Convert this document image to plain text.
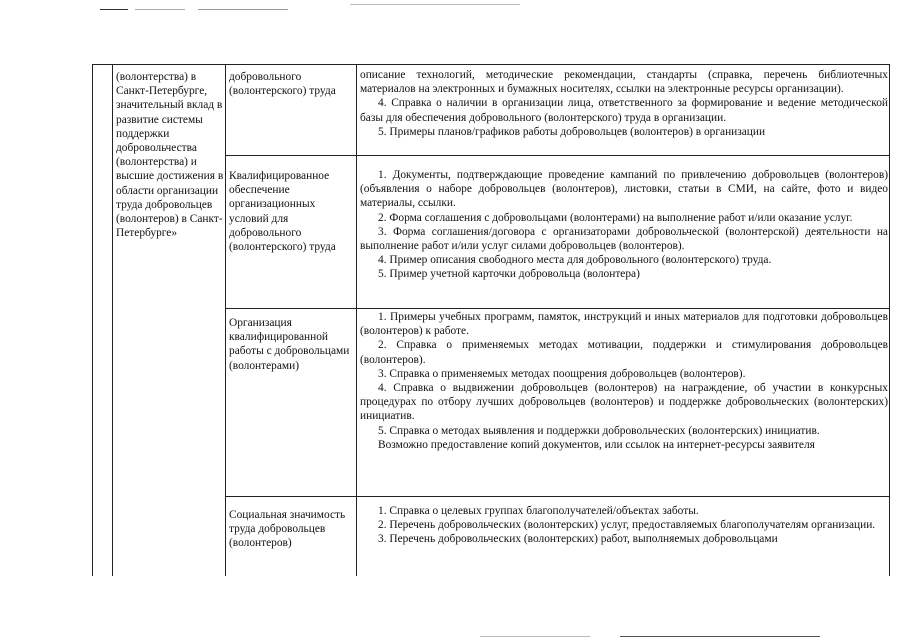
(волонтерства) в Санкт-Петербурге, значительный вклад в развитие системы поддержки добровольчества (волонтерства) и высшие достижения в области организации труда добровольцев (волонтеров) в Санкт-Петербурге»
добровольного (волонтерского) труда

описание технологий, методические рекомендации, стандарты (справка, перечень библиотечных материалов на электронных и бумажных носителях, ссылки на электронные ресурсы организации).

4. Справка о наличии в организации лица, ответственного за формирование и ведение методической базы для обеспечения добровольного (волонтерского) труда в организации.

5. Примеры планов/графиков работы добровольцев (волонтеров) в организации

Квалифицированное обеспечение организационных условий для добровольного (волонтерского) труда

1. Документы, подтверждающие проведение кампаний по привлечению добровольцев (волонтеров) (объявления о наборе добровольцев (волонтеров), листовки, статьи в СМИ, на сайте, фото и видео материалы, ссылки.

2. Форма соглашения с добровольцами (волонтерами) на выполнение работ и/или оказание услуг.

3. Форма соглашения/договора с организаторами добровольческой (волонтерской) деятельности на выполнение работ и/или услуг силами добровольцев (волонтеров).

4. Пример описания свободного места для добровольного (волонтерского) труда.

5. Пример учетной карточки добровольца (волонтера)

Организация квалифицированной работы с добровольцами (волонтерами)

1. Примеры учебных программ, памяток, инструкций и иных материалов для подготовки добровольцев (волонтеров) к работе.

2. Справка о применяемых методах мотивации, поддержки и стимулирования добровольцев (волонтеров).

3. Справка о применяемых методах поощрения добровольцев (волонтеров).

4. Справка о выдвижении добровольцев (волонтеров) на награждение, об участии в конкурсных процедурах по отбору лучших добровольцев (волонтеров) и поддержке добровольческих (волонтерских) инициатив.

5. Справка о методах выявления и поддержки добровольческих (волонтерских) инициатив.

Возможно предоставление копий документов, или ссылок на интернет-ресурсы заявителя

Социальная значимость труда добровольцев (волонтеров)

1. Справка о целевых группах благополучателей/объектах заботы.

2. Перечень добровольческих (волонтерских) услуг, предоставляемых благополучателям организации.

3. Перечень добровольческих (волонтерских) работ, выполняемых добровольцами
